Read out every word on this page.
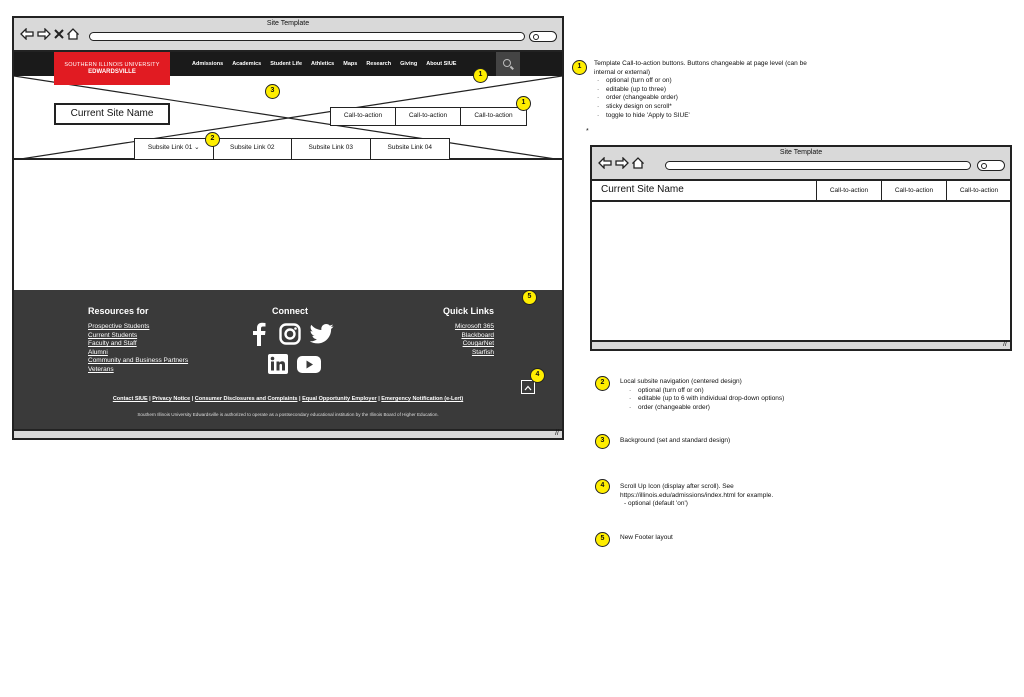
Site Template
Admissions Academics Student Life Athletics Maps Research Giving About SIUE
SOUTHERN ILLINOIS UNIVERSITY
EDWARDSVILLE
Current Site Name	Call-to-action	Call-to-action	Call-to-action
Subsite Link 01 ⌄	Subsite Link 02	Subsite Link 03	Subsite Link 04
Resources for
Prospective Students
Current Students
Faculty and Staff
Alumni
Community and Business Partners
Veterans
Connect	Quick Links
Microsoft 365
Blackboard
CougarNet
Starfish
Contact SIUE | Privacy Notice | Consumer Disclosures and Complaints | Equal Opportunity Employer | Emergency Notification (e-Lert)
Southern Illinois University Edwardsville is authorized to operate as a postsecondary educational institution by the Illinois Board of Higher Education.
//
1
3
1
2
5
4
Site Template
Current Site Name	Call-to-action	Call-to-action	Call-to-action
//
1	Template Call-to-action buttons. Buttons changeable at page level (can be
internal or external)
· optional (turn off or on)
· editable (up to three)
· order (changeable order)
· sticky design on scroll*
· toggle to hide 'Apply to SIUE'
*
2	Local subsite navigation (centered design)
· optional (turn off or on)
· editable (up to 6 with individual drop-down options)
· order (changeable order)
3	Background (set and standard design)
4	Scroll Up Icon (display after scroll). See
https://illinois.edu/admissions/index.html for example.
- optional (default 'on')
5	New Footer layout
